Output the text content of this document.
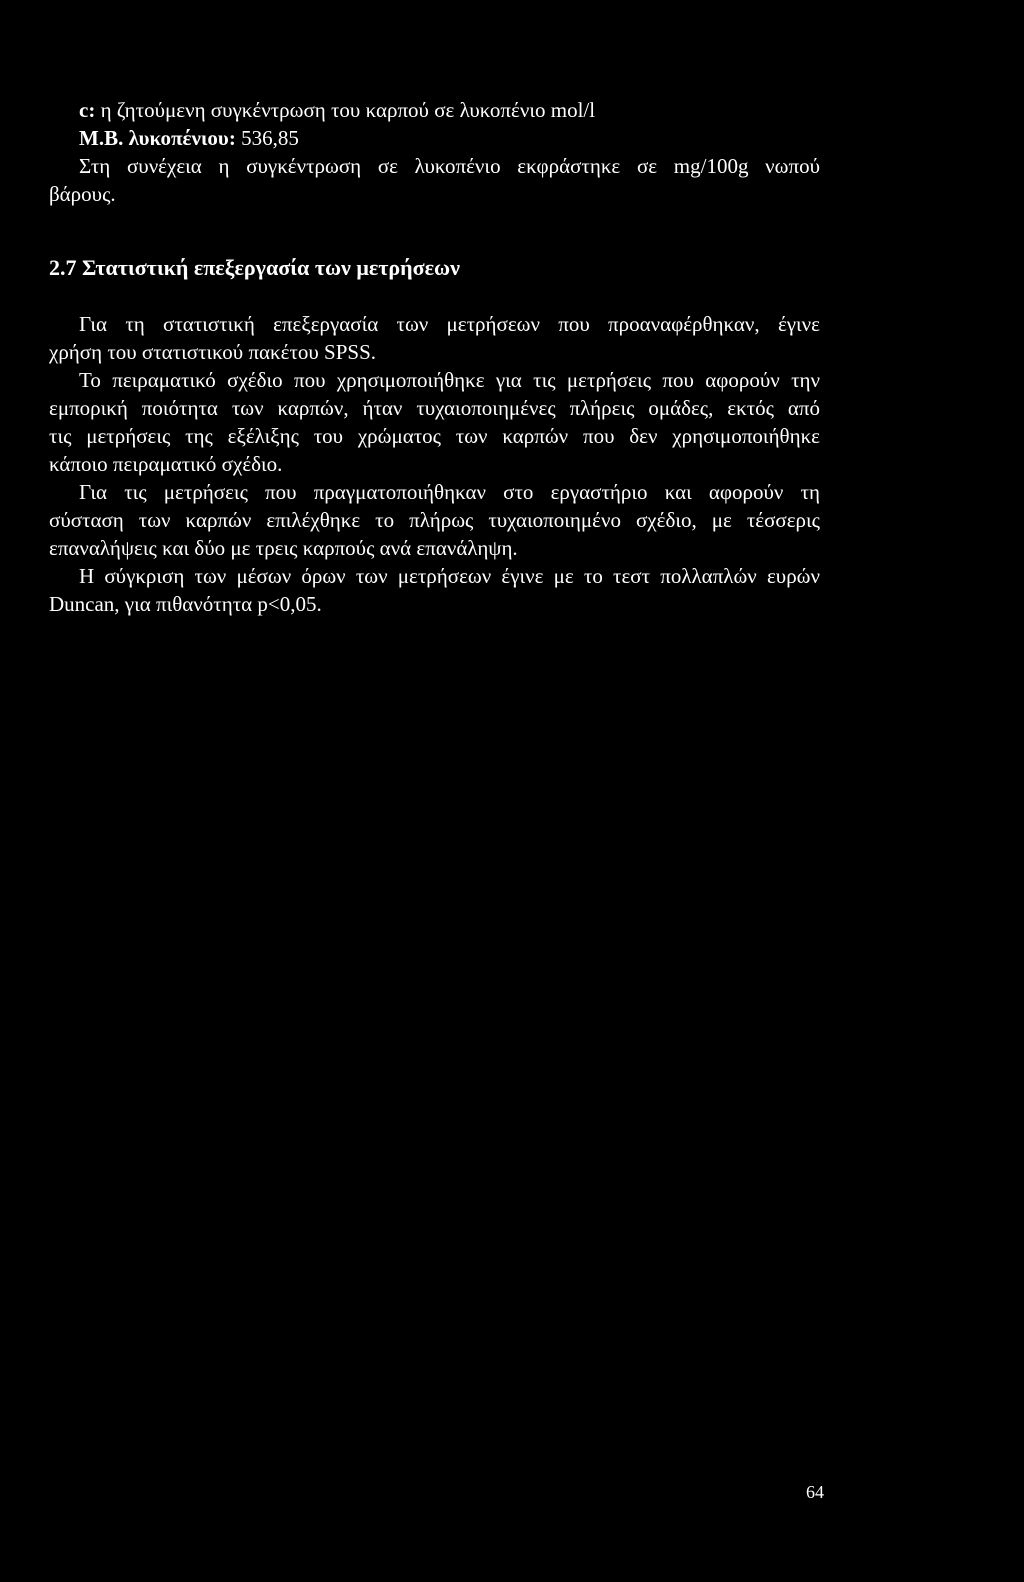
c: η ζητούμενη συγκέντρωση του καρπού σε λυκοπένιο mol/l
Μ.Β. λυκοπένιου: 536,85
Στη συνέχεια η συγκέντρωση σε λυκοπένιο εκφράστηκε σε mg/100g νωπού
βάρους.
2.7 Στατιστική επεξεργασία των μετρήσεων
Για τη στατιστική επεξεργασία των μετρήσεων που προαναφέρθηκαν, έγινε
χρήση του στατιστικού πακέτου SPSS.
Το πειραματικό σχέδιο που χρησιμοποιήθηκε για τις μετρήσεις που αφορούν την
εμπορική ποιότητα των καρπών, ήταν τυχαιοποιημένες πλήρεις ομάδες, εκτός από
τις μετρήσεις της εξέλιξης του χρώματος των καρπών που δεν χρησιμοποιήθηκε
κάποιο πειραματικό σχέδιο.
Για τις μετρήσεις που πραγματοποιήθηκαν στο εργαστήριο και αφορούν τη
σύσταση των καρπών επιλέχθηκε το πλήρως τυχαιοποιημένο σχέδιο, με τέσσερις
επαναλήψεις και δύο με τρεις καρπούς ανά επανάληψη.
Η σύγκριση των μέσων όρων των μετρήσεων έγινε με το τεστ πολλαπλών ευρών
Duncan, για πιθανότητα p<0,05.
64
